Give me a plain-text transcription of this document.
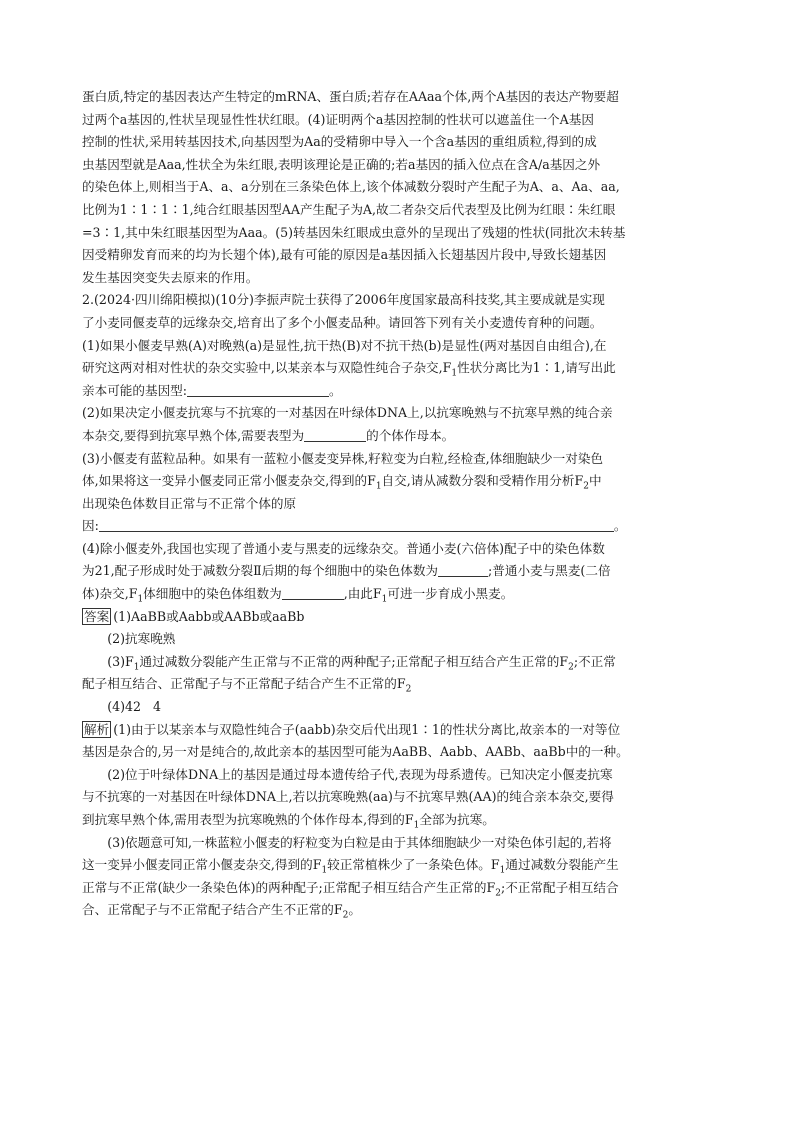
蛋白质,特定的基因表达产生特定的mRNA、蛋白质;若存在AAaa个体,两个A基因的表达产物要超

过两个a基因的,性状呈现显性性状红眼。(4)证明两个a基因控制的性状可以遮盖住一个A基因

控制的性状,采用转基因技术,向基因型为Aa的受精卵中导入一个含a基因的重组质粒,得到的成

虫基因型就是Aaa,性状全为朱红眼,表明该理论是正确的;若a基因的插入位点在含A/a基因之外

的染色体上,则相当于A、a、a分别在三条染色体上,该个体减数分裂时产生配子为A、a、Aa、aa,

比例为1∶1∶1∶1,纯合红眼基因型AA产生配子为A,故二者杂交后代表型及比例为红眼∶朱红眼

=3∶1,其中朱红眼基因型为Aaa。(5)转基因朱红眼成虫意外的呈现出了残翅的性状(同批次未转基

因受精卵发育而来的均为长翅个体),最有可能的原因是a基因插入长翅基因片段中,导致长翅基因

发生基因突变失去原来的作用。

2.(2024·四川绵阳模拟)(10分)李振声院士获得了2006年度国家最高科技奖,其主要成就是实现

了小麦同偃麦草的远缘杂交,培育出了多个小偃麦品种。请回答下列有关小麦遗传育种的问题。

(1)如果小偃麦早熟(A)对晚熟(a)是显性,抗干热(B)对不抗干热(b)是显性(两对基因自由组合),在

研究这两对相对性状的杂交实验中,以某亲本与双隐性纯合子杂交$,F_1$性状分离比为1∶1,请写出此

亲本可能的基因型:	。

(2)如果决定小偃麦抗寒与不抗寒的一对基因在叶绿体DNA上,以抗寒晚熟与不抗寒早熟的纯合亲

本杂交,要得到抗寒早熟个体,需要表型为	的个体作母本。

(3)小偃麦有蓝粒品种。如果有一蓝粒小偃麦变异株,籽粒变为白粒,经检查,体细胞缺少一对染色

体,如果将这一变异小偃麦同正常小偃麦杂交,得到的$F_1$自交,请从减数分裂和受精作用分析$F_2$中

出现染色体数目正常与不正常个体的原

因:	。

(4)除小偃麦外,我国也实现了普通小麦与黑麦的远缘杂交。普通小麦(六倍体)配子中的染色体数

为21,配子形成时处于减数分裂Ⅱ后期的每个细胞中的染色体数为	;普通小麦与黑麦(二倍

体)杂交$,F_1$体细胞中的染色体组数为	,由此$F_1$可进一步育成小黑麦。

答案 (1)AaBB或Aabb或AABb或aaBb

(2)抗寒晚熟

$(3)F_1$通过减数分裂能产生正常与不正常的两种配子;正常配子相互结合产生正常的$F_2$;不正常

配子相互结合、正常配子与不正常配子结合产生不正常的$F_2$

(4)42   4

解析 (1)由于以某亲本与双隐性纯合子(aabb)杂交后代出现1∶1的性状分离比,故亲本的一对等位

基因是杂合的,另一对是纯合的,故此亲本的基因型可能为AaBB、Aabb、AABb、aaBb中的一种。

(2)位于叶绿体DNA上的基因是通过母本遗传给子代,表现为母系遗传。已知决定小偃麦抗寒

与不抗寒的一对基因在叶绿体DNA上,若以抗寒晚熟(aa)与不抗寒早熟(AA)的纯合亲本杂交,要得

到抗寒早熟个体,需用表型为抗寒晚熟的个体作母本,得到的$F_1$全部为抗寒。

(3)依题意可知,一株蓝粒小偃麦的籽粒变为白粒是由于其体细胞缺少一对染色体引起的,若将

这一变异小偃麦同正常小偃麦杂交,得到的$F_1$较正常植株少了一条染色体。$F_1$通过减数分裂能产生

正常与不正常(缺少一条染色体)的两种配子;正常配子相互结合产生正常的$F_2$;不正常配子相互结合

合、正常配子与不正常配子结合产生不正常的$F_2$。
